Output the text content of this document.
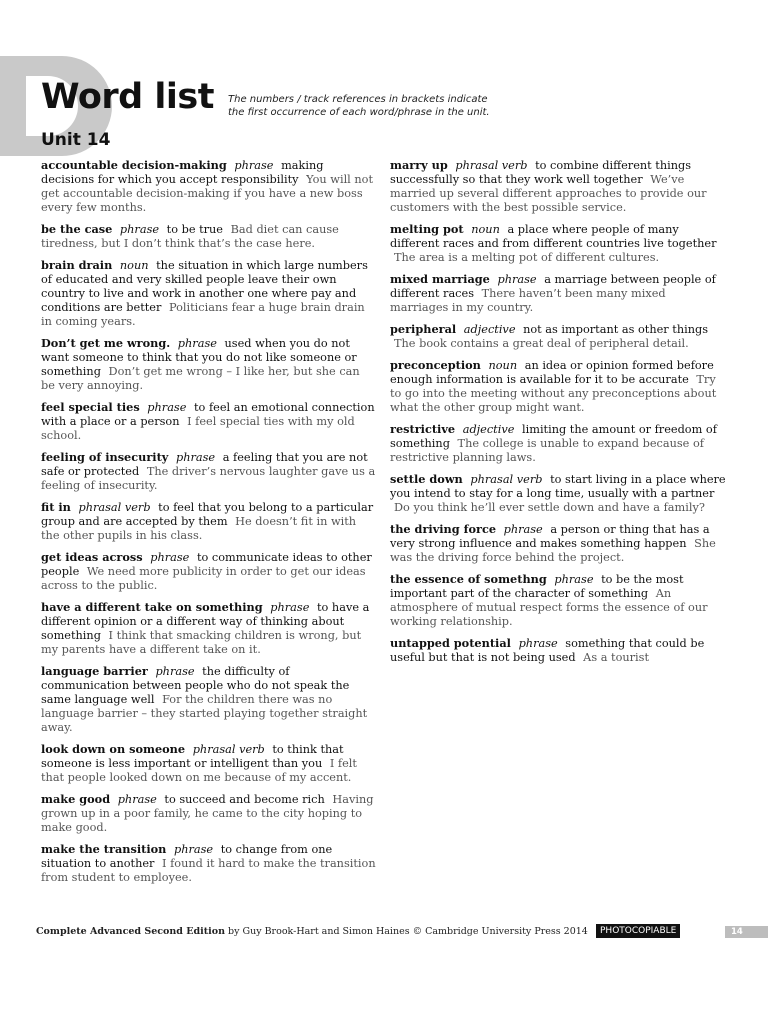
Word list The numbers / track references in brackets indicate
the first occurrence of each word/phrase in the unit.
Unit 14
accountable decision-making phrase making decisions for which you accept responsibility You will not get accountable decision-making if you have a new boss every few months.
be the case phrase to be true Bad diet can cause tiredness, but I don’t think that’s the case here.
brain drain noun the situation in which large numbers of educated and very skilled people leave their own country to live and work in another one where pay and conditions are better Politicians fear a huge brain drain in coming years.
Don’t get me wrong. phrase used when you do not want someone to think that you do not like someone or something Don’t get me wrong – I like her, but she can be very annoying.
feel special ties phrase to feel an emotional connection with a place or a person I feel special ties with my old school.
feeling of insecurity phrase a feeling that you are not safe or protected The driver’s nervous laughter gave us a feeling of insecurity.
fit in phrasal verb to feel that you belong to a particular group and are accepted by them He doesn’t fit in with the other pupils in his class.
get ideas across phrase to communicate ideas to other people We need more publicity in order to get our ideas across to the public.
have a different take on something phrase to have a different opinion or a different way of thinking about something I think that smacking children is wrong, but my parents have a different take on it.
language barrier phrase the difficulty of communication between people who do not speak the same language well For the children there was no language barrier – they started playing together straight away.
look down on someone phrasal verb to think that someone is less important or intelligent than you I felt that people looked down on me because of my accent.
make good phrase to succeed and become rich Having grown up in a poor family, he came to the city hoping to make good.
make the transition phrase to change from one situation to another I found it hard to make the transition from student to employee.
marry up phrasal verb to combine different things successfully so that they work well together We’ve married up several different approaches to provide our customers with the best possible service.
melting pot noun a place where people of many different races and from different countries live together The area is a melting pot of different cultures.
mixed marriage phrase a marriage between people of different races There haven’t been many mixed marriages in my country.
peripheral adjective not as important as other things The book contains a great deal of peripheral detail.
preconception noun an idea or opinion formed before enough information is available for it to be accurate Try to go into the meeting without any preconceptions about what the other group might want.
restrictive adjective limiting the amount or freedom of something The college is unable to expand because of restrictive planning laws.
settle down phrasal verb to start living in a place where you intend to stay for a long time, usually with a partner Do you think he’ll ever settle down and have a family?
the driving force phrase a person or thing that has a very strong influence and makes something happen She was the driving force behind the project.
the essence of somethng phrase to be the most important part of the character of something An atmosphere of mutual respect forms the essence of our working relationship.
untapped potential phrase something that could be useful but that is not being used As a tourist
Complete Advanced Second Edition by Guy Brook-Hart and Simon Haines © Cambridge University Press 2014	PHOTOCOPIABLE	14
